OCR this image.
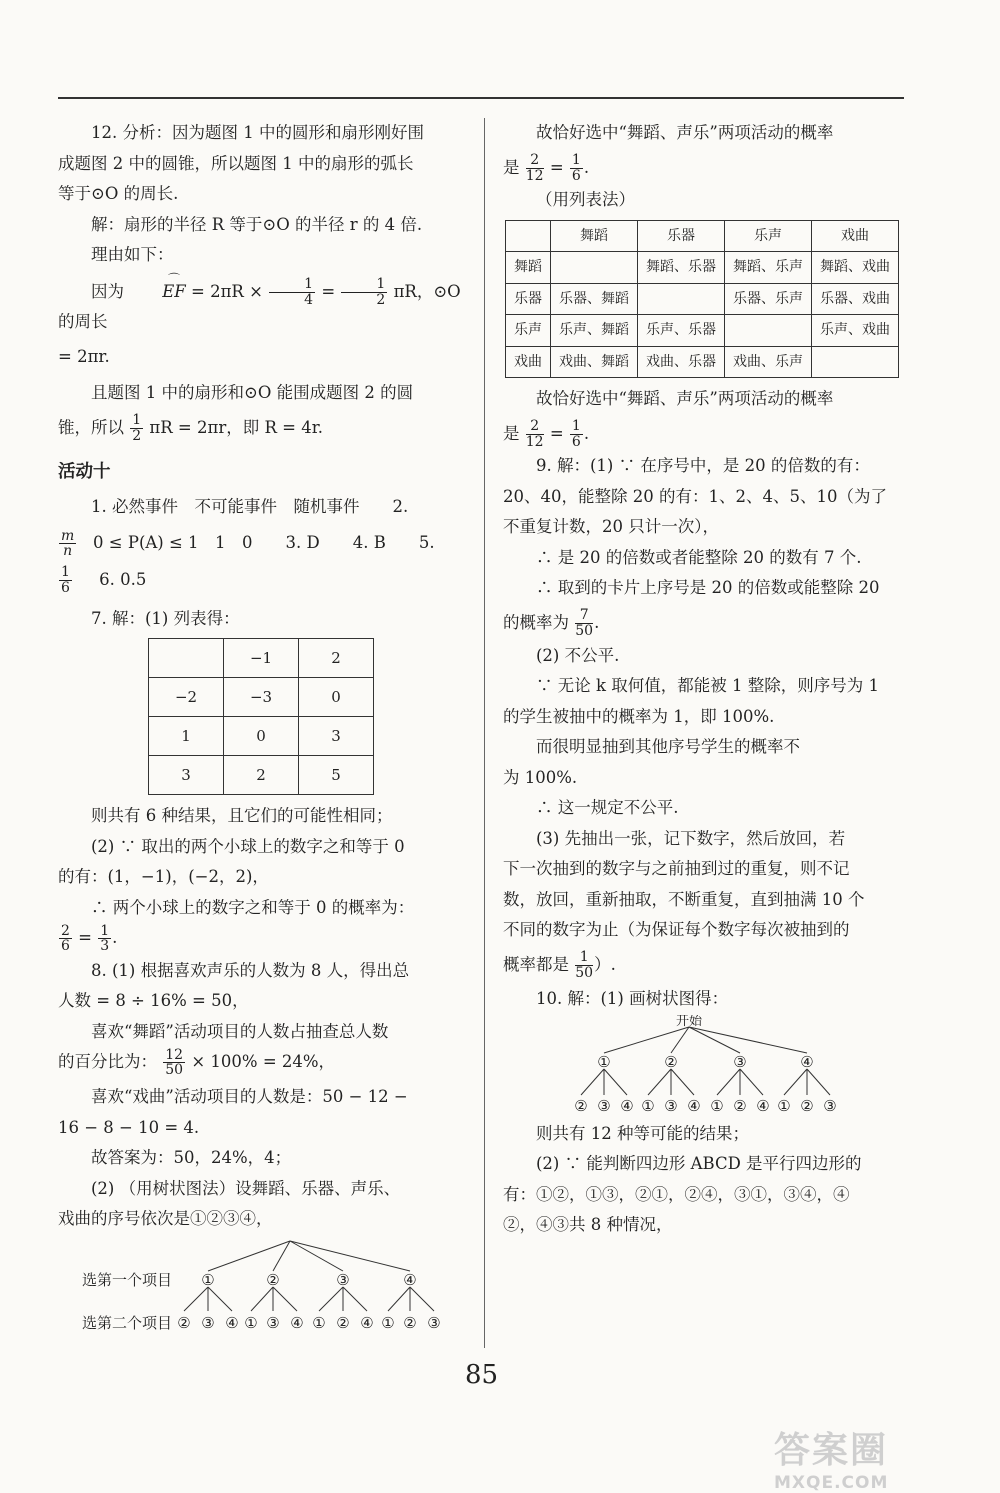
12. 分析：因为题图 1 中的圆形和扇形刚好围

成题图 2 中的圆锥，所以题图 1 中的扇形的弧长

等于⊙O 的周长.

解：扇形的半径 R 等于⊙O 的半径 r 的 4 倍.

理由如下：

因为
⌒
EF = $2\pi R \times \frac{1}{4} = \frac{1}{2}$ πR，⊙O 的周长

= 2πr.

且题图 1 中的扇形和⊙O 能围成题图 2 的圆

锥，所以 $\frac{1}{2}$ πR = 2πr，即 R = 4r.

活动十

1. 必然事件　不可能事件　随机事件　　2.

$\frac{m}{n} 0 \le P(A) \le 1$　1　0　　3. D　　4. B　　5.

$\frac{1}{6} 6$. 0.5

7. 解：(1) 列表得：

	−1	2
−2	−3	0
1	0	3
3	2	5

则共有 6 种结果，且它们的可能性相同；

(2) ∵ 取出的两个小球上的数字之和等于 0

的有：(1，−1)，(−2，2)，

∴ 两个小球上的数字之和等于 0 的概率为：

$\frac{2}{6} = \frac{1}{3}$ .

8. (1) 根据喜欢声乐的人数为 8 人，得出总

人数 = 8 ÷ 16% = 50，

喜欢“舞蹈”活动项目的人数占抽查总人数

的百分比为： $\frac{12}{50} \times 100\% = 24\%$，

喜欢“戏曲”活动项目的人数是：50 − 12 −

16 − 8 − 10 = 4.

故答案为：50，24%，4；

(2) （用树状图法）设舞蹈、乐器、声乐、

戏曲的序号依次是①②③④，

选第一个项目
选第二个项目
①	②	③	④
② ③ ④ ① ③ ④ ① ② ④ ① ② ③

故恰好选中“舞蹈、声乐”两项活动的概率

是 $\frac{2}{12} = \frac{1}{6}$ .

（用列表法）

	舞蹈	乐器	乐声	戏曲
舞蹈		舞蹈、乐器	舞蹈、乐声	舞蹈、戏曲
乐器	乐器、舞蹈		乐器、乐声	乐器、戏曲
乐声	乐声、舞蹈	乐声、乐器		乐声、戏曲
戏曲	戏曲、舞蹈	戏曲、乐器	戏曲、乐声	

故恰好选中“舞蹈、声乐”两项活动的概率

是 $\frac{2}{12} = \frac{1}{6}$ .

9. 解：(1) ∵ 在序号中，是 20 的倍数的有：

20、40，能整除 20 的有：1、2、4、5、10（为了

不重复计数，20 只计一次），

∴ 是 20 的倍数或者能整除 20 的数有 7 个.

∴ 取到的卡片上序号是 20 的倍数或能整除 20

的概率为 $\frac{7}{50}$ .

(2) 不公平.

∵ 无论 k 取何值，都能被 1 整除，则序号为 1

的学生被抽中的概率为 1，即 100%.

而很明显抽到其他序号学生的概率不

为 100%.

∴ 这一规定不公平.

(3) 先抽出一张，记下数字，然后放回，若

下一次抽到的数字与之前抽到过的重复，则不记

数，放回，重新抽取，不断重复，直到抽满 10 个

不同的数字为止（为保证每个数字每次被抽到的

概率都是 $\frac{1}{50}$ ）.

10. 解：(1) 画树状图得：

开始
①	②	③	④
② ③ ④ ① ③ ④ ① ② ④ ① ② ③

则共有 12 种等可能的结果；

(2) ∵ 能判断四边形 ABCD 是平行四边形的

有：①②，①③，②①，②④，③①，③④，④

②，④③共 8 种情况，

85
答案圈
MXQE.COM
